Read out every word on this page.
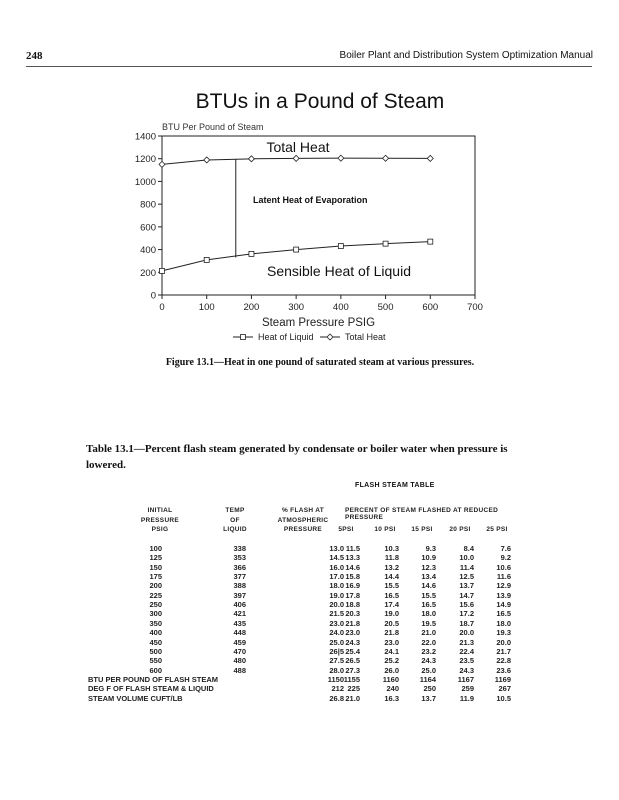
248	Boiler Plant and Distribution System Optimization Manual
BTUs in a Pound of Steam
BTU Per Pound of Steam
0
200
400
600
800
1000
1200
1400
0	100	200	300	400	500	600	700
Steam Pressure PSIG
Total Heat
Latent Heat of Evaporation
Sensible Heat of Liquid
Heat of Liquid	Total Heat
Figure 13.1—Heat in one pound of saturated steam at various pressures.
Table 13.1—Percent flash steam generated by condensate or boiler water when pressure is lowered.
FLASH STEAM TABLE
INITIAL
PRESSURE
PSIG
TEMP
OF
LIQUID
% FLASH AT
ATMOSPHERIC
PRESSURE
PERCENT OF STEAM FLASHED AT REDUCED PRESSURE
5PSI	10 PSI	15 PSI	20 PSI	25 PSI
100	338	13.0 11.5	10.3	9.3	8.4	7.6
125	353	14.5 13.3	11.8	10.9	10.0	9.2
150	366	16.0 14.6	13.2	12.3	11.4	10.6
175	377	17.0 15.8	14.4	13.4	12.5	11.6
200	388	18.0 16.9	15.5	14.6	13.7	12.9
225	397	19.0 17.8	16.5	15.5	14.7	13.9
250	406	20.0 18.8	17.4	16.5	15.6	14.9
300	421	21.5 20.3	19.0	18.0	17.2	16.5
350	435	23.0 21.8	20.5	19.5	18.7	18.0
400	448	24.0 23.0	21.8	21.0	20.0	19.3
450	459	25.0 24.3	23.0	22.0	21.3	20.0
500	470	26|5 25.4	24.1	23.2	22.4	21.7
550	480	27.5 26.5	25.2	24.3	23.5	22.8
600	488	28.0 27.3	26.0	25.0	24.3	23.6
BTU PER POUND OF FLASH STEAM	1150 1155	1160	1164	1167	1169
DEG F OF FLASH STEAM & LIQUID	212 225	240	250	259	267
STEAM VOLUME CUFT/LB	26.8 21.0	16.3	13.7	11.9	10.5
